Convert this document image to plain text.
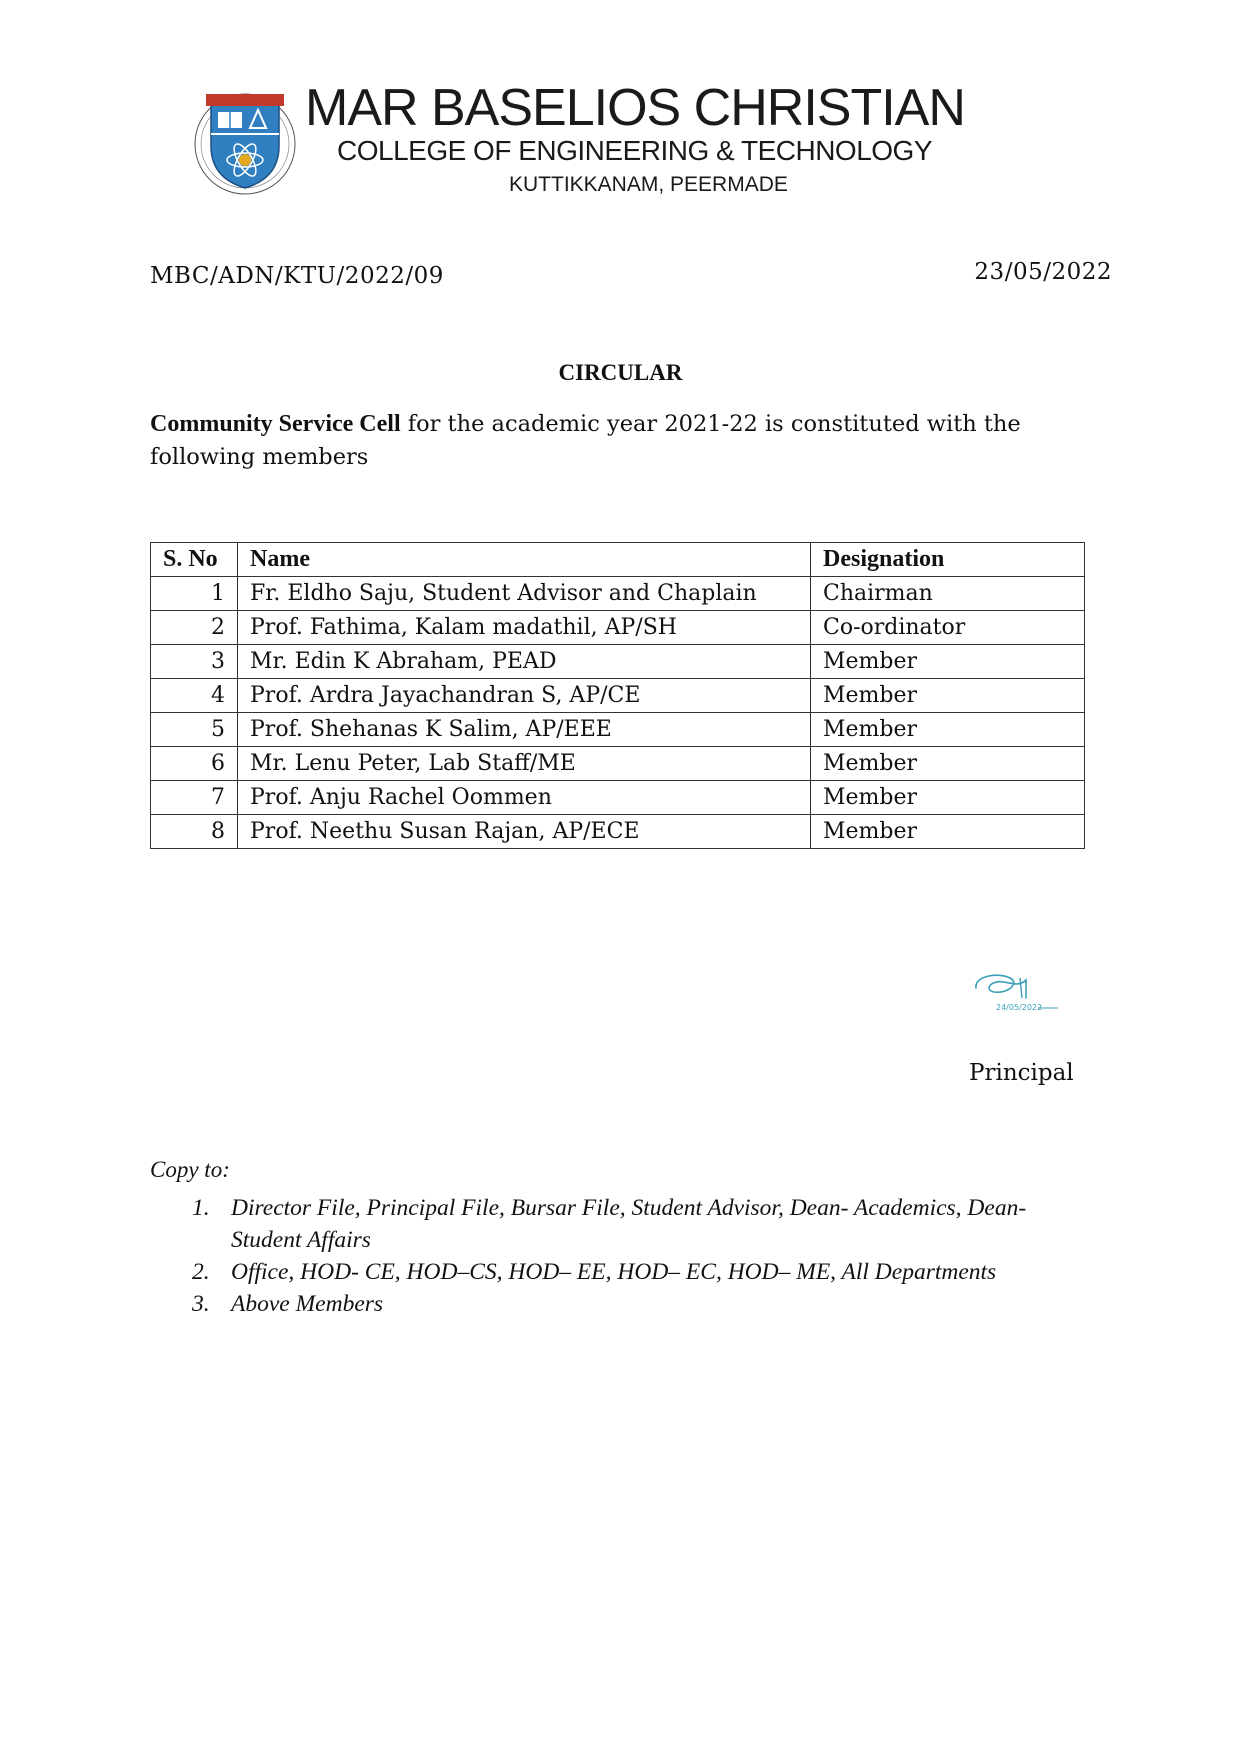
MAR BASELIOS CHRISTIAN
COLLEGE OF ENGINEERING & TECHNOLOGY
KUTTIKKANAM, PEERMADE
MBC/ADN/KTU/2022/09	23/05/2022
CIRCULAR

Community Service Cell for the academic year 2021-22 is constituted with the following members

S. No	Name	Designation
1	Fr. Eldho Saju, Student Advisor and Chaplain	Chairman
2	Prof. Fathima, Kalam madathil, AP/SH	Co-ordinator
3	Mr. Edin K Abraham, PEAD	Member
4	Prof. Ardra Jayachandran S, AP/CE	Member
5	Prof. Shehanas K Salim, AP/EEE	Member
6	Mr. Lenu Peter, Lab Staff/ME	Member
7	Prof. Anju Rachel Oommen	Member
8	Prof. Neethu Susan Rajan, AP/ECE	Member
24/05/2022
Principal
Copy to:
1. Director File, Principal File, Bursar File, Student Advisor, Dean- Academics, Dean- Student Affairs
2. Office, HOD- CE, HOD–CS, HOD– EE, HOD– EC, HOD– ME, All Departments
3. Above Members
